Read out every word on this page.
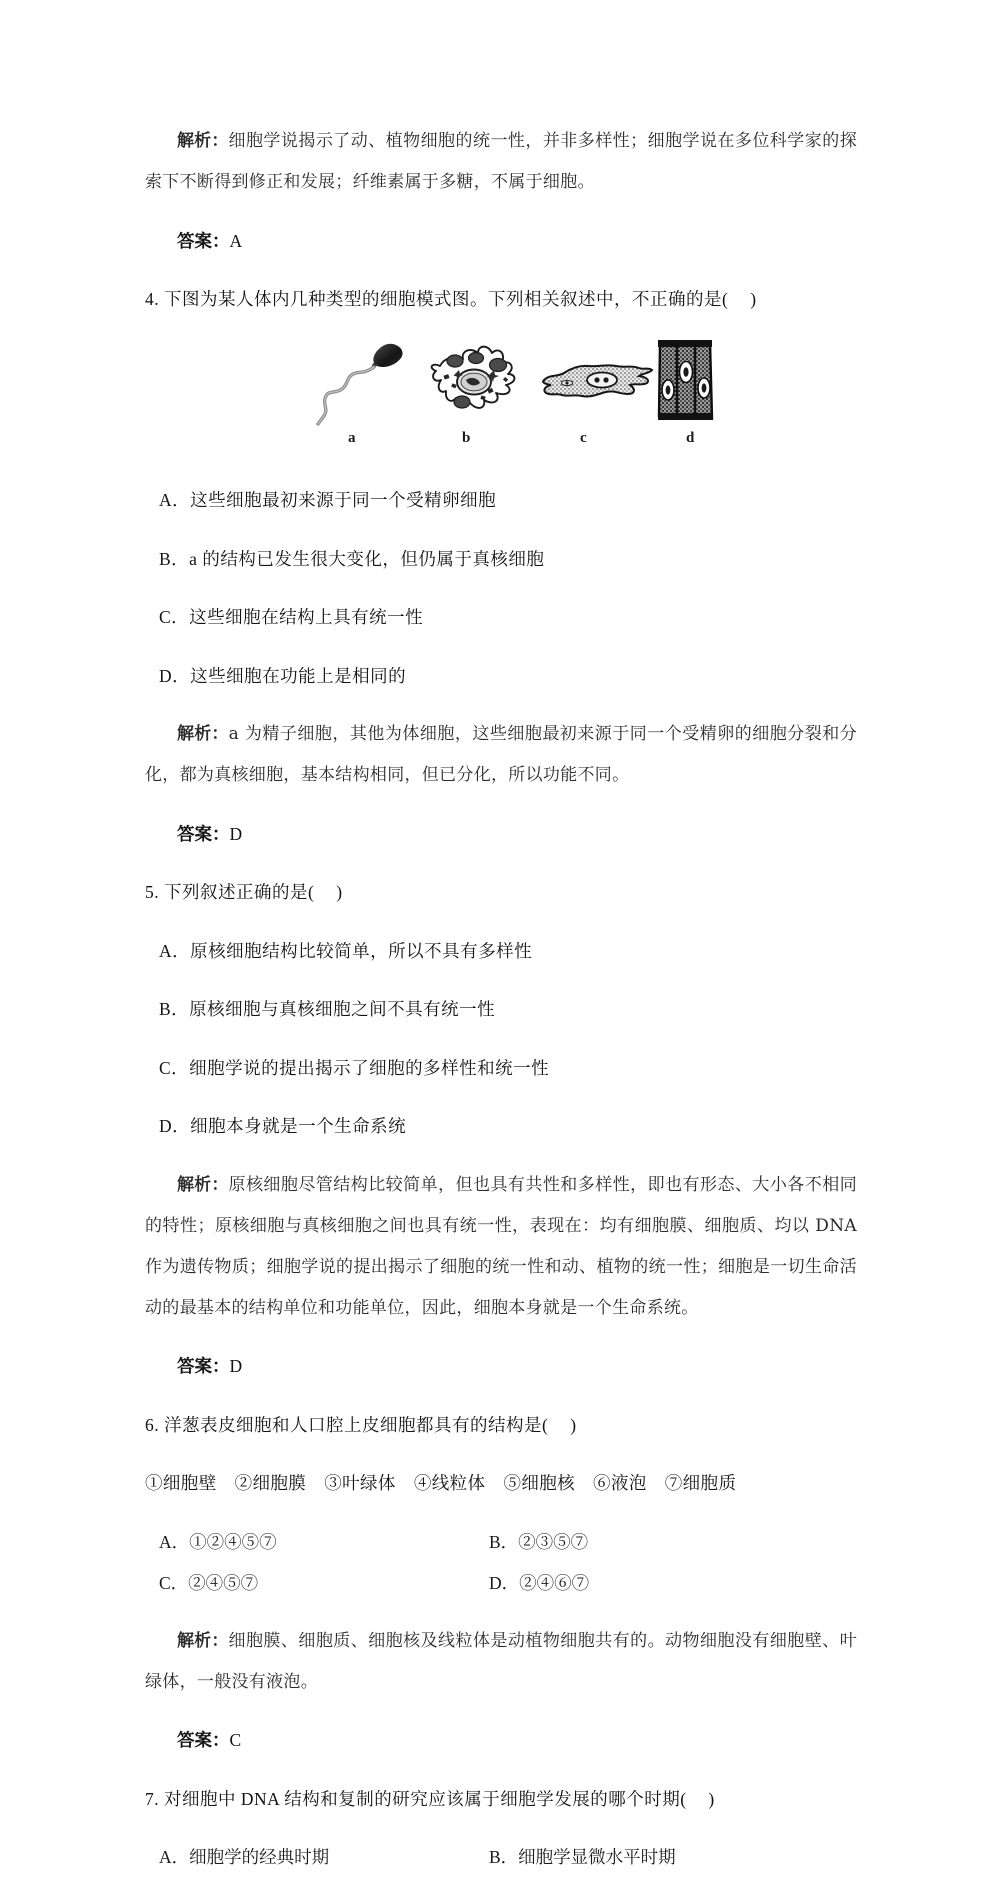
解析：细胞学说揭示了动、植物细胞的统一性，并非多样性；细胞学说在多位科学家的探索下不断得到修正和发展；纤维素属于多糖，不属于细胞。

答案：A

4. 下图为某人体内几种类型的细胞模式图。下列相关叙述中，不正确的是( )

a	b	c	d

A．这些细胞最初来源于同一个受精卵细胞

B．a 的结构已发生很大变化，但仍属于真核细胞

C．这些细胞在结构上具有统一性

D．这些细胞在功能上是相同的

解析：a 为精子细胞，其他为体细胞，这些细胞最初来源于同一个受精卵的细胞分裂和分化，都为真核细胞，基本结构相同，但已分化，所以功能不同。

答案：D

5. 下列叙述正确的是( )

A．原核细胞结构比较简单，所以不具有多样性

B．原核细胞与真核细胞之间不具有统一性

C．细胞学说的提出揭示了细胞的多样性和统一性

D．细胞本身就是一个生命系统

解析：原核细胞尽管结构比较简单，但也具有共性和多样性，即也有形态、大小各不相同的特性；原核细胞与真核细胞之间也具有统一性，表现在：均有细胞膜、细胞质、均以 DNA 作为遗传物质；细胞学说的提出揭示了细胞的统一性和动、植物的统一性；细胞是一切生命活动的最基本的结构单位和功能单位，因此，细胞本身就是一个生命系统。

答案：D

6. 洋葱表皮细胞和人口腔上皮细胞都具有的结构是( )

①细胞壁 ②细胞膜 ③叶绿体 ④线粒体 ⑤细胞核 ⑥液泡 ⑦细胞质

A．①②④⑤⑦	B．②③⑤⑦
C．②④⑤⑦	D．②④⑥⑦

解析：细胞膜、细胞质、细胞核及线粒体是动植物细胞共有的。动物细胞没有细胞壁、叶绿体，一般没有液泡。

答案：C

7. 对细胞中 DNA 结构和复制的研究应该属于细胞学发展的哪个时期( )

A．细胞学的经典时期	B．细胞学显微水平时期
